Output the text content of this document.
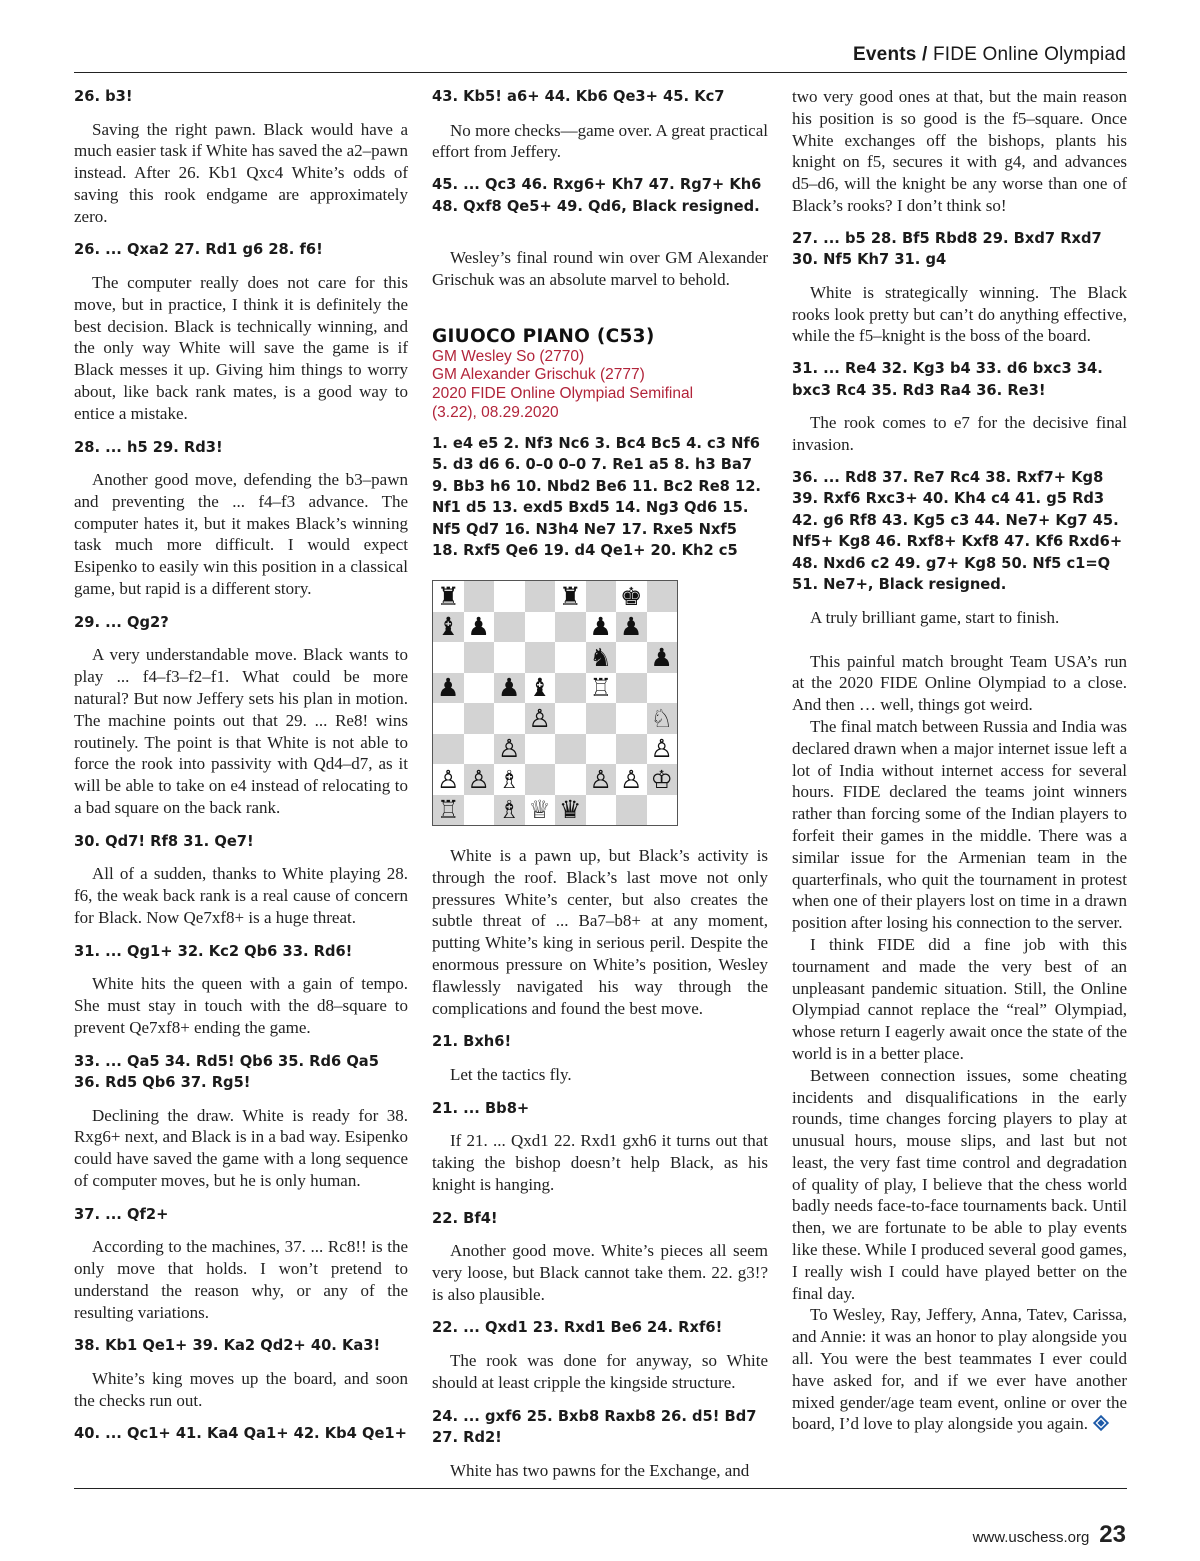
Events / FIDE Online Olympiad

26. b3!

Saving the right pawn. Black would have a much easier task if White has saved the a2–pawn instead. After 26. Kb1 Qxc4 White’s odds of saving this rook endgame are approximately zero.

26. ... Qxa2 27. Rd1 g6 28. f6!

The computer really does not care for this move, but in practice, I think it is definitely the best decision. Black is technically winning, and the only way White will save the game is if Black messes it up. Giving him things to worry about, like back rank mates, is a good way to entice a mistake.

28. ... h5 29. Rd3!

Another good move, defending the b3–pawn and preventing the ... f4–f3 advance. The computer hates it, but it makes Black’s winning task much more difficult. I would expect Esipenko to easily win this position in a classical game, but rapid is a different story.

29. ... Qg2?

A very understandable move. Black wants to play ... f4–f3–f2–f1. What could be more natural? But now Jeffery sets his plan in motion. The machine points out that 29. ... Re8! wins routinely. The point is that White is not able to force the rook into passivity with Qd4–d7, as it will be able to take on e4 instead of relocating to a bad square on the back rank.

30. Qd7! Rf8 31. Qe7!

All of a sudden, thanks to White playing 28. f6, the weak back rank is a real cause of concern for Black. Now Qe7xf8+ is a huge threat.

31. ... Qg1+ 32. Kc2 Qb6 33. Rd6!

White hits the queen with a gain of tempo. She must stay in touch with the d8–square to prevent Qe7xf8+ ending the game.

33. ... Qa5 34. Rd5! Qb6 35. Rd6 Qa5 36. Rd5 Qb6 37. Rg5!

Declining the draw. White is ready for 38. Rxg6+ next, and Black is in a bad way. Esipenko could have saved the game with a long sequence of computer moves, but he is only human.

37. ... Qf2+

According to the machines, 37. ... Rc8!! is the only move that holds. I won’t pretend to understand the reason why, or any of the resulting variations.

38. Kb1 Qe1+ 39. Ka2 Qd2+ 40. Ka3!

White’s king moves up the board, and soon the checks run out.

40. ... Qc1+ 41. Ka4 Qa1+ 42. Kb4 Qe1+

43. Kb5! a6+ 44. Kb6 Qe3+ 45. Kc7

No more checks—game over. A great practical effort from Jeffery.

45. ... Qc3 46. Rxg6+ Kh7 47. Rg7+ Kh6 48. Qxf8 Qe5+ 49. Qd6, Black resigned.

Wesley’s final round win over GM Alexander Grischuk was an absolute marvel to behold.

GIUOCO PIANO (C53)

GM Wesley So (2770)

GM Alexander Grischuk (2777)

2020 FIDE Online Olympiad Semifinal

(3.22), 08.29.2020

1. e4 e5 2. Nf3 Nc6 3. Bc4 Bc5 4. c3 Nf6 5. d3 d6 6. 0–0 0–0 7. Re1 a5 8. h3 Ba7 9. Bb3 h6 10. Nbd2 Be6 11. Bc2 Re8 12. Nf1 d5 13. exd5 Bxd5 14. Ng3 Qd6 15. Nf5 Qd7 16. N3h4 Ne7 17. Rxe5 Nxf5 18. Rxf5 Qe6 19. d4 Qe1+ 20. Kh2 c5

♜	♜ ♚
♝ ♟	♟ ♟
♞ ♟
♟ ♟ ♝ ♖
♙	♘
♙	♙
♙ ♙ ♗	♙ ♙ ♔
♖ ♗ ♕ ♛

White is a pawn up, but Black’s activity is through the roof. Black’s last move not only pressures White’s center, but also creates the subtle threat of ... Ba7–b8+ at any moment, putting White’s king in serious peril. Despite the enormous pressure on White’s position, Wesley flawlessly navigated his way through the complications and found the best move.

21. Bxh6!

Let the tactics fly.

21. ... Bb8+

If 21. ... Qxd1 22. Rxd1 gxh6 it turns out that taking the bishop doesn’t help Black, as his knight is hanging.

22. Bf4!

Another good move. White’s pieces all seem very loose, but Black cannot take them. 22. g3!? is also plausible.

22. ... Qxd1 23. Rxd1 Be6 24. Rxf6!

The rook was done for anyway, so White should at least cripple the kingside structure.

24. ... gxf6 25. Bxb8 Raxb8 26. d5! Bd7 27. Rd2!

White has two pawns for the Exchange, and

two very good ones at that, but the main reason his position is so good is the f5–square. Once White exchanges off the bishops, plants his knight on f5, secures it with g4, and advances d5–d6, will the knight be any worse than one of Black’s rooks? I don’t think so!

27. ... b5 28. Bf5 Rbd8 29. Bxd7 Rxd7 30. Nf5 Kh7 31. g4

White is strategically winning. The Black rooks look pretty but can’t do anything effective, while the f5–knight is the boss of the board.

31. ... Re4 32. Kg3 b4 33. d6 bxc3 34. bxc3 Rc4 35. Rd3 Ra4 36. Re3!

The rook comes to e7 for the decisive final invasion.

36. ... Rd8 37. Re7 Rc4 38. Rxf7+ Kg8 39. Rxf6 Rxc3+ 40. Kh4 c4 41. g5 Rd3 42. g6 Rf8 43. Kg5 c3 44. Ne7+ Kg7 45. Nf5+ Kg8 46. Rxf8+ Kxf8 47. Kf6 Rxd6+ 48. Nxd6 c2 49. g7+ Kg8 50. Nf5 c1=Q 51. Ne7+, Black resigned.

A truly brilliant game, start to finish.

This painful match brought Team USA’s run at the 2020 FIDE Online Olympiad to a close. And then … well, things got weird.

The final match between Russia and India was declared drawn when a major internet issue left a lot of India without internet access for several hours. FIDE declared the teams joint winners rather than forcing some of the Indian players to forfeit their games in the middle. There was a similar issue for the Armenian team in the quarterfinals, who quit the tournament in protest when one of their players lost on time in a drawn position after losing his connection to the server.

I think FIDE did a fine job with this tournament and made the very best of an unpleasant pandemic situation. Still, the Online Olympiad cannot replace the “real” Olympiad, whose return I eagerly await once the state of the world is in a better place.

Between connection issues, some cheating incidents and disqualifications in the early rounds, time changes forcing players to play at unusual hours, mouse slips, and last but not least, the very fast time control and degradation of quality of play, I believe that the chess world badly needs face-to-face tournaments back. Until then, we are fortunate to be able to play events like these. While I produced several good games, I really wish I could have played better on the final day.

To Wesley, Ray, Jeffery, Anna, Tatev, Carissa, and Annie: it was an honor to play alongside you all. You were the best teammates I ever could have asked for, and if we ever have another mixed gender/age team event, online or over the board, I’d love to play alongside you again.

www.uschess.org 23
